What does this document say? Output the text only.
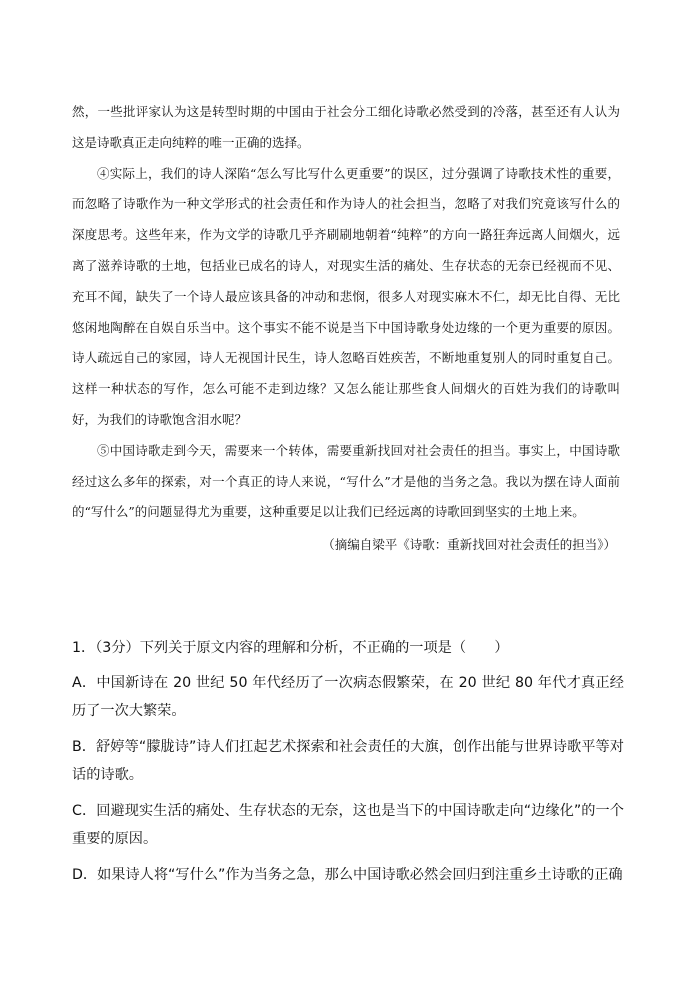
然，一些批评家认为这是转型时期的中国由于社会分工细化诗歌必然受到的冷落，甚至还有人认为这是诗歌真正走向纯粹的唯一正确的选择。

④实际上，我们的诗人深陷“怎么写比写什么更重要”的误区，过分强调了诗歌技术性的重要，而忽略了诗歌作为一种文学形式的社会责任和作为诗人的社会担当，忽略了对我们究竟该写什么的深度思考。这些年来，作为文学的诗歌几乎齐刷刷地朝着“纯粹”的方向一路狂奔远离人间烟火，远离了滋养诗歌的土地，包括业已成名的诗人，对现实生活的痛处、生存状态的无奈已经视而不见、充耳不闻，缺失了一个诗人最应该具备的冲动和悲悯，很多人对现实麻木不仁，却无比自得、无比悠闲地陶醉在自娱自乐当中。这个事实不能不说是当下中国诗歌身处边缘的一个更为重要的原因。诗人疏远自己的家园，诗人无视国计民生，诗人忽略百姓疾苦，不断地重复别人的同时重复自己。这样一种状态的写作，怎么可能不走到边缘？又怎么能让那些食人间烟火的百姓为我们的诗歌叫好，为我们的诗歌饱含泪水呢？

⑤中国诗歌走到今天，需要来一个转体，需要重新找回对社会责任的担当。事实上，中国诗歌经过这么多年的探索，对一个真正的诗人来说，“写什么”才是他的当务之急。我以为摆在诗人面前的“写什么”的问题显得尤为重要，这种重要足以让我们已经远离的诗歌回到坚实的土地上来。

（摘编自梁平《诗歌：重新找回对社会责任的担当》）

1．（3分）下列关于原文内容的理解和分析，不正确的一项是（　　）

A．中国新诗在 20 世纪 50 年代经历了一次病态假繁荣，在 20 世纪 80 年代才真正经历了一次大繁荣。

B．舒婷等“朦胧诗”诗人们扛起艺术探索和社会责任的大旗，创作出能与世界诗歌平等对话的诗歌。

C．回避现实生活的痛处、生存状态的无奈，这也是当下的中国诗歌走向“边缘化”的一个重要的原因。

D．如果诗人将“写什么”作为当务之急，那么中国诗歌必然会回归到注重乡土诗歌的正确
